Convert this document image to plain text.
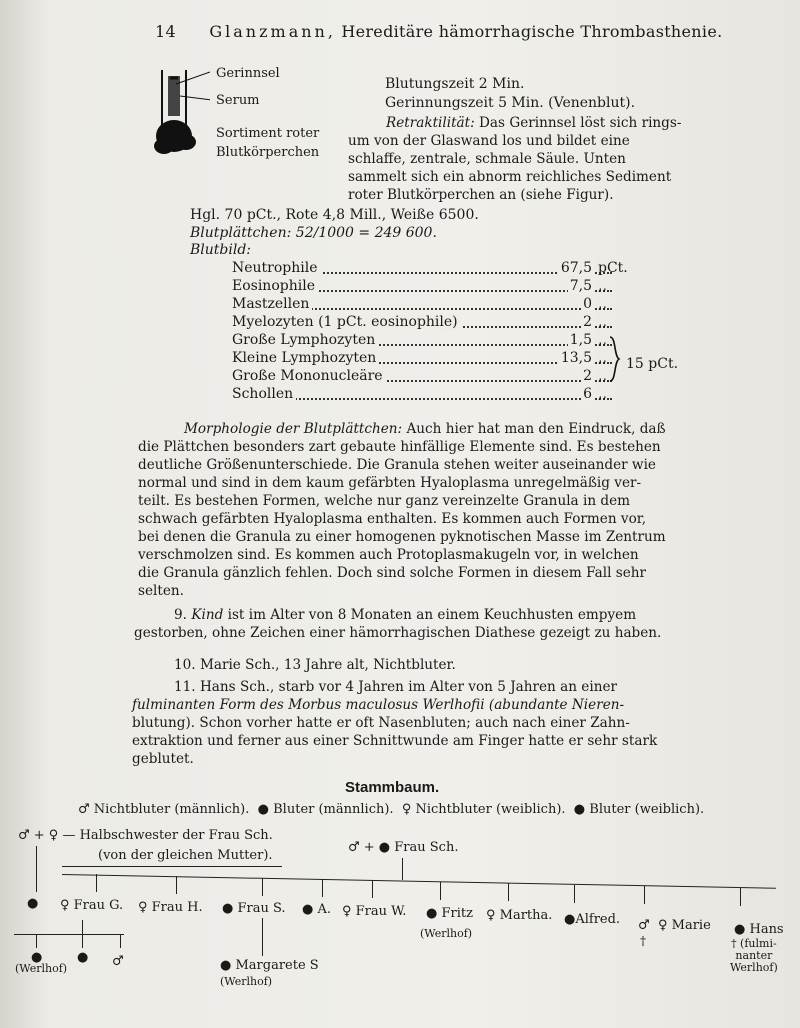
14 Glanzmann, Hereditäre hämorrhagische Thrombasthenie.
Gerinnsel
Serum
Sortiment roter
Blutkörperchen
Blutungszeit 2 Min.
Gerinnungszeit 5 Min. (Venenblut).
Retraktilität: Das Gerinnsel löst sich rings-
um von der Glaswand los und bildet eine
schlaffe, zentrale, schmale Säule. Unten
sammelt sich ein abnorm reichliches Sediment
roter Blutkörperchen an (siehe Figur).
Hgl. 70 pCt., Rote 4,8 Mill., Weiße 6500.
Blutplättchen: 52/1000 = 249 600.
Blutbild:
Neutrophile	67,5 pCt.
Eosinophile	7,5 ,,
Mastzellen	0 ,,
Myelozyten (1 pCt. eosinophile)	2 ,,
Große Lymphozyten	1,5 ,,
Kleine Lymphozyten	13,5 ,,
Große Mononucleäre	2 ,,
Schollen	6 ,,
15 pCt.
Morphologie der Blutplättchen: Auch hier hat man den Eindruck, daß
die Plättchen besonders zart gebaute hinfällige Elemente sind. Es bestehen
deutliche Größenunterschiede. Die Granula stehen weiter auseinander wie
normal und sind in dem kaum gefärbten Hyaloplasma unregelmäßig ver-
teilt. Es bestehen Formen, welche nur ganz vereinzelte Granula in dem
schwach gefärbten Hyaloplasma enthalten. Es kommen auch Formen vor,
bei denen die Granula zu einer homogenen pyknotischen Masse im Zentrum
verschmolzen sind. Es kommen auch Protoplasmakugeln vor, in welchen
die Granula gänzlich fehlen. Doch sind solche Formen in diesem Fall sehr
selten.
9. Kind ist im Alter von 8 Monaten an einem Keuchhusten empyem
gestorben, ohne Zeichen einer hämorrhagischen Diathese gezeigt zu haben.
10. Marie Sch., 13 Jahre alt, Nichtbluter.
11. Hans Sch., starb vor 4 Jahren im Alter von 5 Jahren an einer
fulminanten Form des Morbus maculosus Werlhofii (abundante Nieren-
blutung). Schon vorher hatte er oft Nasenbluten; auch nach einer Zahn-
extraktion und ferner aus einer Schnittwunde am Finger hatte er sehr stark
geblutet.
Stammbaum.
♂ Nichtbluter (männlich). ● Bluter (männlich). ♀ Nichtbluter (weiblich). ● Bluter (weiblich).
♂ + ♀ — Halbschwester der Frau Sch.
(von der gleichen Mutter).
♂ + ● Frau Sch.
● ♀ Frau G. ♀ Frau H. ● Frau S. ● A. ♀ Frau W. ● Fritz ♀ Martha. ●Alfred. ♂ ♀ Marie ● Hans
†
(Werlhof)
† (fulmi-
nanter
Werlhof)
●	● ♂
(Werlhof)	● Margarete S
(Werlhof)
